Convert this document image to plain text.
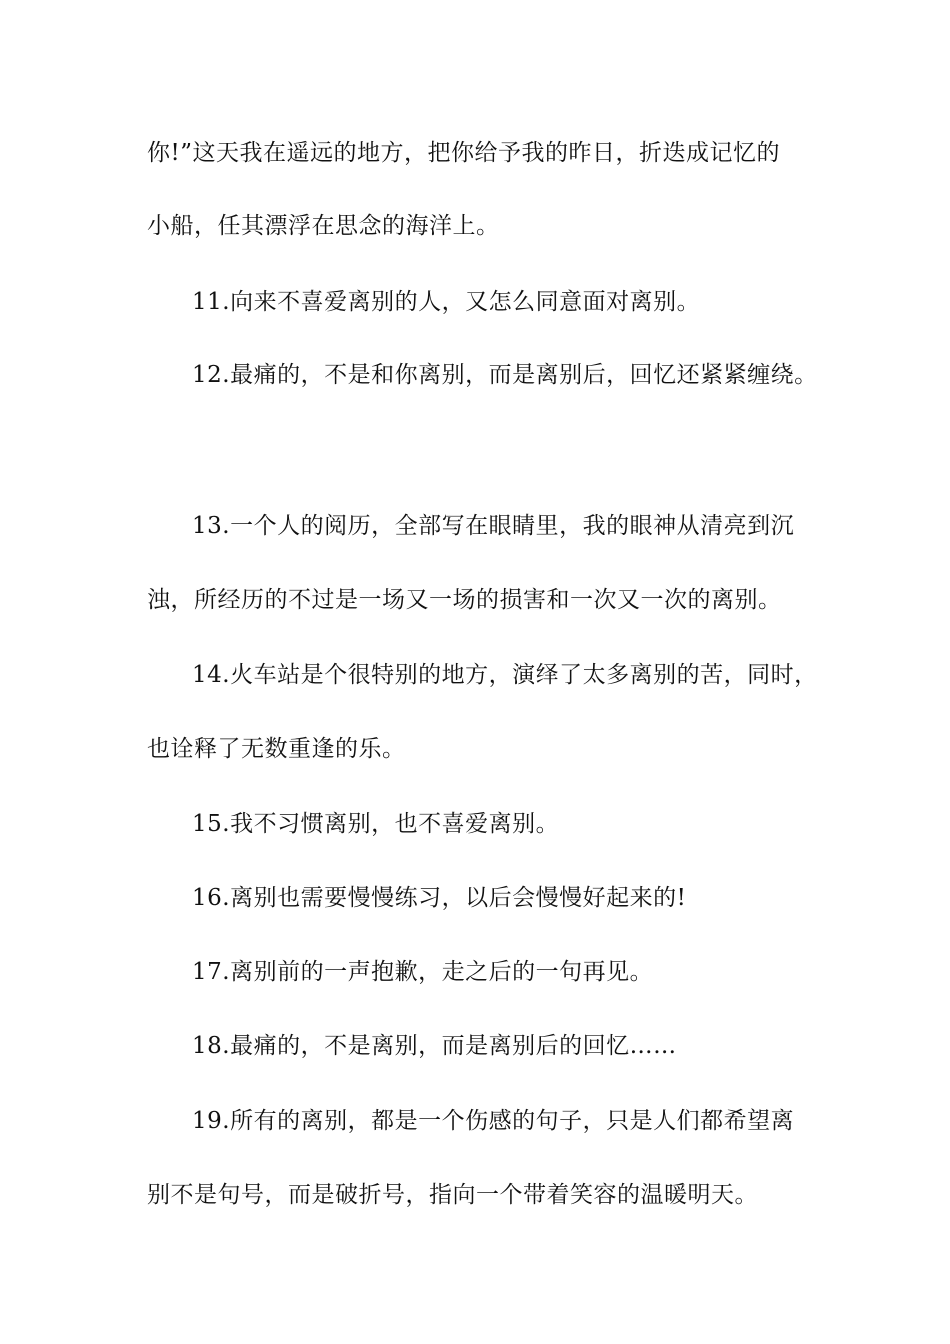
你!”这天我在遥远的地方，把你给予我的昨日，折迭成记忆的
小船，任其漂浮在思念的海洋上。
11.向来不喜爱离别的人，又怎么同意面对离别。
12.最痛的，不是和你离别，而是离别后，回忆还紧紧缠绕。
13.一个人的阅历，全部写在眼睛里，我的眼神从清亮到沉
浊，所经历的不过是一场又一场的损害和一次又一次的离别。
14.火车站是个很特别的地方，演绎了太多离别的苦，同时，
也诠释了无数重逢的乐。
15.我不习惯离别，也不喜爱离别。
16.离别也需要慢慢练习，以后会慢慢好起来的!
17.离别前的一声抱歉，走之后的一句再见。
18.最痛的，不是离别，而是离别后的回忆……
19.所有的离别，都是一个伤感的句子，只是人们都希望离
别不是句号，而是破折号，指向一个带着笑容的温暖明天。
